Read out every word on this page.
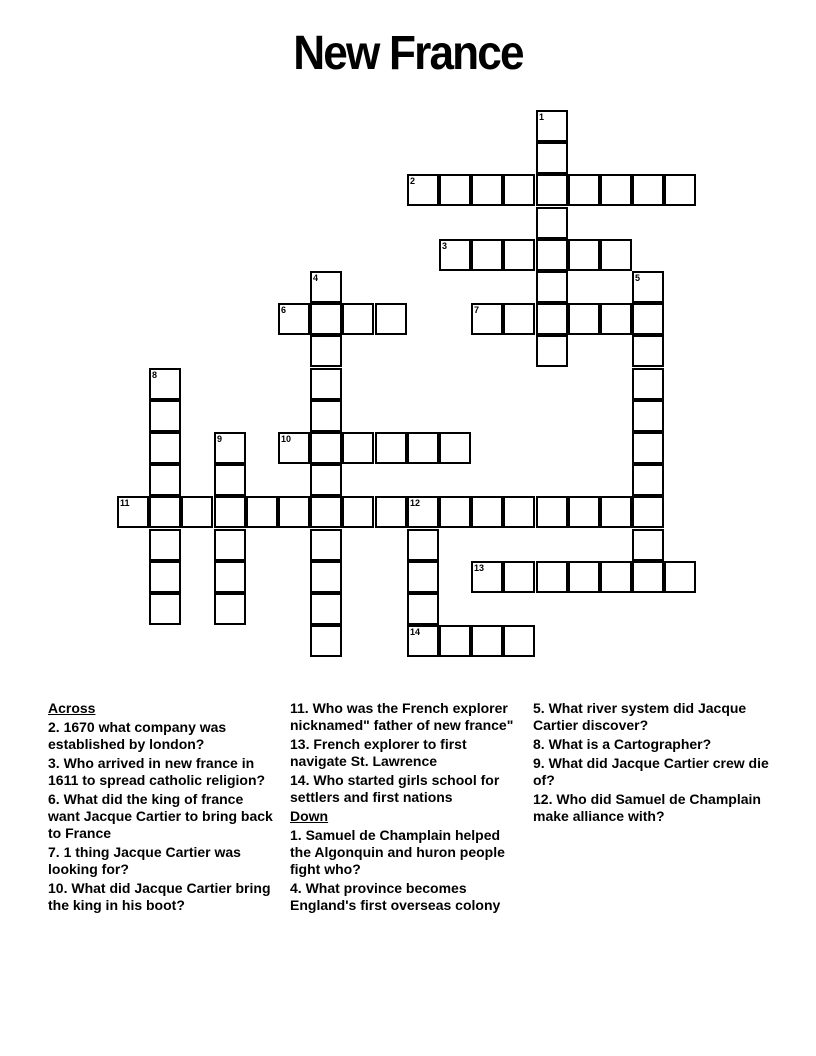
New France
1
2
3
4	5
6	7
8
9	10
11	12
14
13
Across
2. 1670 what company was established by london?
3. Who arrived in new france in 1611 to spread catholic religion?
6. What did the king of france want Jacque Cartier to bring back to France
7. 1 thing Jacque Cartier was looking for?
10. What did Jacque Cartier bring the king in his boot?
11. Who was the French explorer nicknamed" father of new france"
13. French explorer to first navigate St. Lawrence
14. Who started girls school for settlers and first nations
Down
1. Samuel de Champlain helped the Algonquin and huron people fight who?
4. What province becomes England's first overseas colony
5. What river system did Jacque Cartier discover?
8. What is a Cartographer?
9. What did Jacque Cartier crew die of?
12. Who did Samuel de Champlain make alliance with?
